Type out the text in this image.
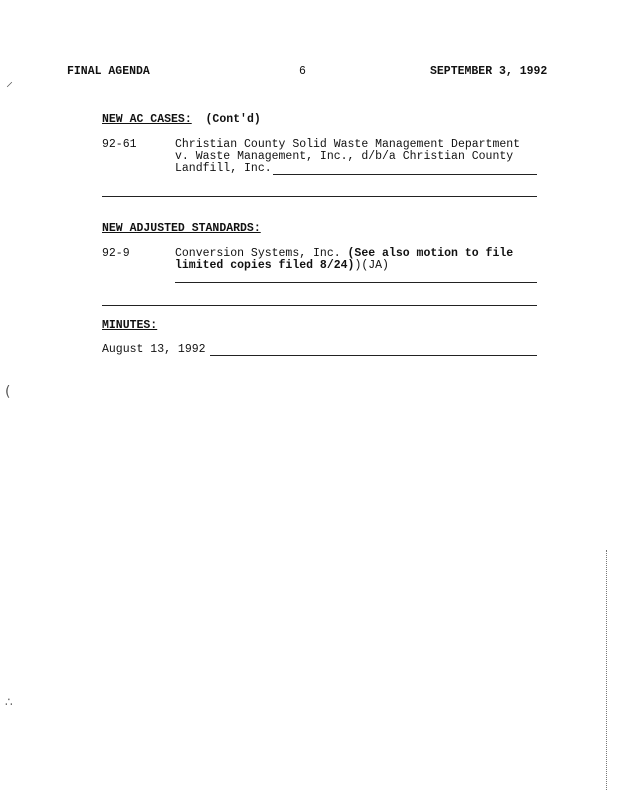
FINAL AGENDA	6	SEPTEMBER 3, 1992
NEW AC CASES: (Cont'd)
92-61	Christian County Solid Waste Management Department
v. Waste Management, Inc., d/b/a Christian County
Landfill, Inc.
NEW ADJUSTED STANDARDS:
92-9	Conversion Systems, Inc. (See also motion to file
limited copies filed 8/24))(JA)
MINUTES:
August 13, 1992
⸝
(
∴
